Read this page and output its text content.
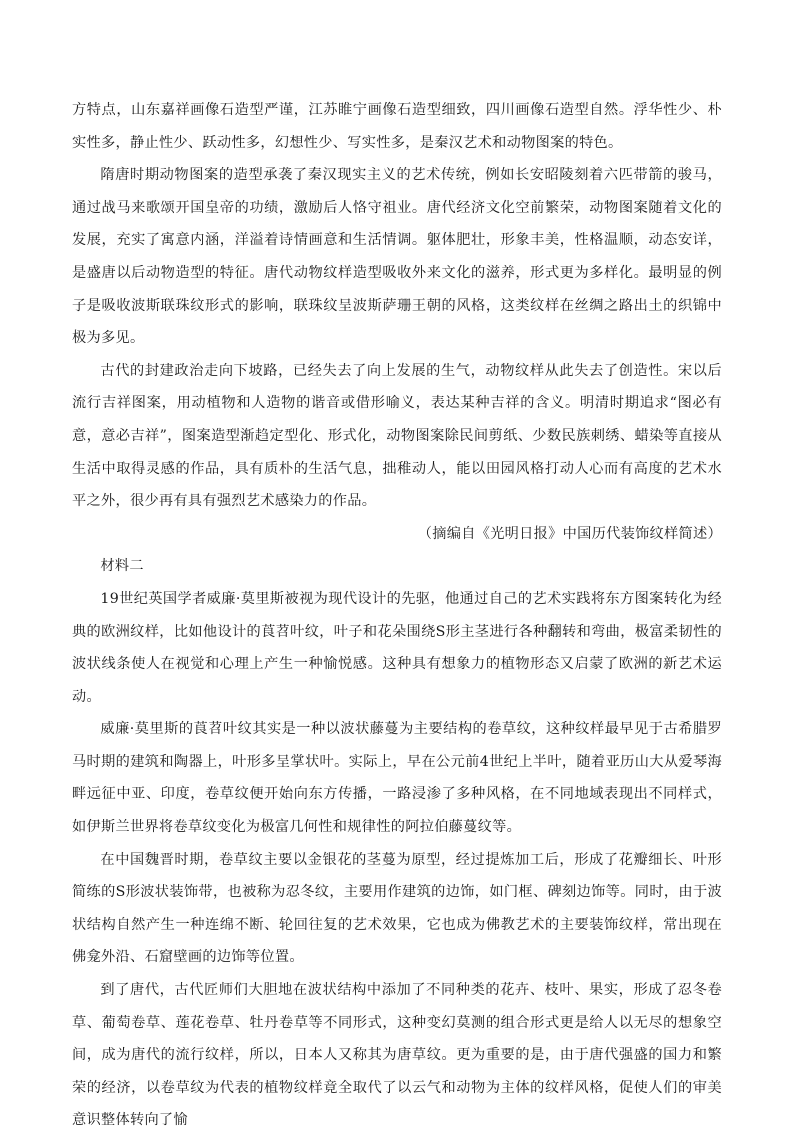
方特点，山东嘉祥画像石造型严谨，江苏睢宁画像石造型细致，四川画像石造型自然。浮华性少、朴实性多，静止性少、跃动性多，幻想性少、写实性多，是秦汉艺术和动物图案的特色。

隋唐时期动物图案的造型承袭了秦汉现实主义的艺术传统，例如长安昭陵刻着六匹带箭的骏马，通过战马来歌颂开国皇帝的功绩，激励后人恪守祖业。唐代经济文化空前繁荣，动物图案随着文化的发展，充实了寓意内涵，洋溢着诗情画意和生活情调。躯体肥壮，形象丰美，性格温顺，动态安详，是盛唐以后动物造型的特征。唐代动物纹样造型吸收外来文化的滋养，形式更为多样化。最明显的例子是吸收波斯联珠纹形式的影响，联珠纹呈波斯萨珊王朝的风格，这类纹样在丝绸之路出土的织锦中极为多见。

古代的封建政治走向下坡路，已经失去了向上发展的生气，动物纹样从此失去了创造性。宋以后流行吉祥图案，用动植物和人造物的谐音或借形喻义，表达某种吉祥的含义。明清时期追求“图必有意，意必吉祥”，图案造型渐趋定型化、形式化，动物图案除民间剪纸、少数民族刺绣、蜡染等直接从生活中取得灵感的作品，具有质朴的生活气息，拙稚动人，能以田园风格打动人心而有高度的艺术水平之外，很少再有具有强烈艺术感染力的作品。

（摘编自《光明日报》中国历代装饰纹样简述）

材料二

19世纪英国学者威廉·莫里斯被视为现代设计的先驱，他通过自己的艺术实践将东方图案转化为经典的欧洲纹样，比如他设计的莨苕叶纹，叶子和花朵围绕S形主茎进行各种翻转和弯曲，极富柔韧性的波状线条使人在视觉和心理上产生一种愉悦感。这种具有想象力的植物形态又启蒙了欧洲的新艺术运动。

威廉·莫里斯的莨苕叶纹其实是一种以波状藤蔓为主要结构的卷草纹，这种纹样最早见于古希腊罗马时期的建筑和陶器上，叶形多呈掌状叶。实际上，早在公元前4世纪上半叶，随着亚历山大从爱琴海畔远征中亚、印度，卷草纹便开始向东方传播，一路浸渗了多种风格，在不同地域表现出不同样式，如伊斯兰世界将卷草纹变化为极富几何性和规律性的阿拉伯藤蔓纹等。

在中国魏晋时期，卷草纹主要以金银花的茎蔓为原型，经过提炼加工后，形成了花瓣细长、叶形简练的S形波状装饰带，也被称为忍冬纹，主要用作建筑的边饰，如门框、碑刻边饰等。同时，由于波状结构自然产生一种连绵不断、轮回往复的艺术效果，它也成为佛教艺术的主要装饰纹样，常出现在佛龛外沿、石窟壁画的边饰等位置。

到了唐代，古代匠师们大胆地在波状结构中添加了不同种类的花卉、枝叶、果实，形成了忍冬卷草、葡萄卷草、莲花卷草、牡丹卷草等不同形式，这种变幻莫测的组合形式更是给人以无尽的想象空间，成为唐代的流行纹样，所以，日本人又称其为唐草纹。更为重要的是，由于唐代强盛的国力和繁荣的经济，以卷草纹为代表的植物纹样竟全取代了以云气和动物为主体的纹样风格，促使人们的审美意识整体转向了愉
